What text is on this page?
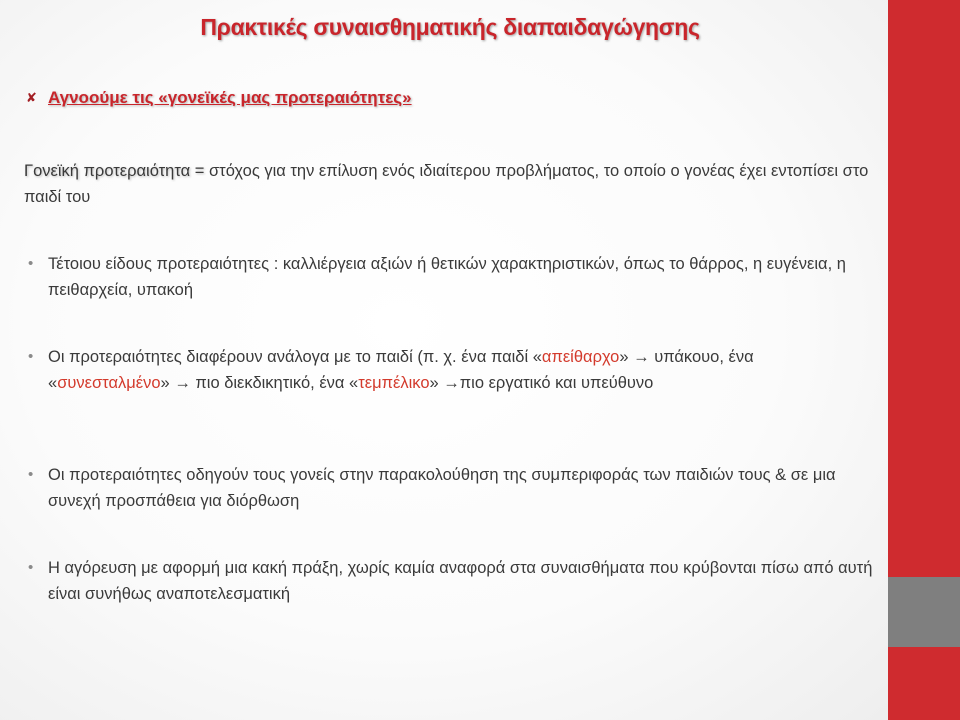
Πρακτικές συναισθηματικής διαπαιδαγώγησης
✘ Αγνοούμε τις «γονεϊκές μας προτεραιότητες»
Γονεϊκή προτεραιότητα = στόχος για την επίλυση ενός ιδιαίτερου προβλήματος, το οποίο ο γονέας έχει εντοπίσει στο παιδί του
• Τέτοιου είδους προτεραιότητες : καλλιέργεια αξιών ή θετικών χαρακτηριστικών, όπως το θάρρος, η ευγένεια, η πειθαρχεία, υπακοή
• Οι προτεραιότητες διαφέρουν ανάλογα με το παιδί (π. χ. ένα παιδί «απείθαρχο» → υπάκουο, ένα «συνεσταλμένο» → πιο διεκδικητικό, ένα «τεμπέλικο» →πιο εργατικό και υπεύθυνο
• Οι προτεραιότητες οδηγούν τους γονείς στην παρακολούθηση της συμπεριφοράς των παιδιών τους & σε μια συνεχή προσπάθεια για διόρθωση
• Η αγόρευση με αφορμή μια κακή πράξη, χωρίς καμία αναφορά στα συναισθήματα που κρύβονται πίσω από αυτή είναι συνήθως αναποτελεσματική
